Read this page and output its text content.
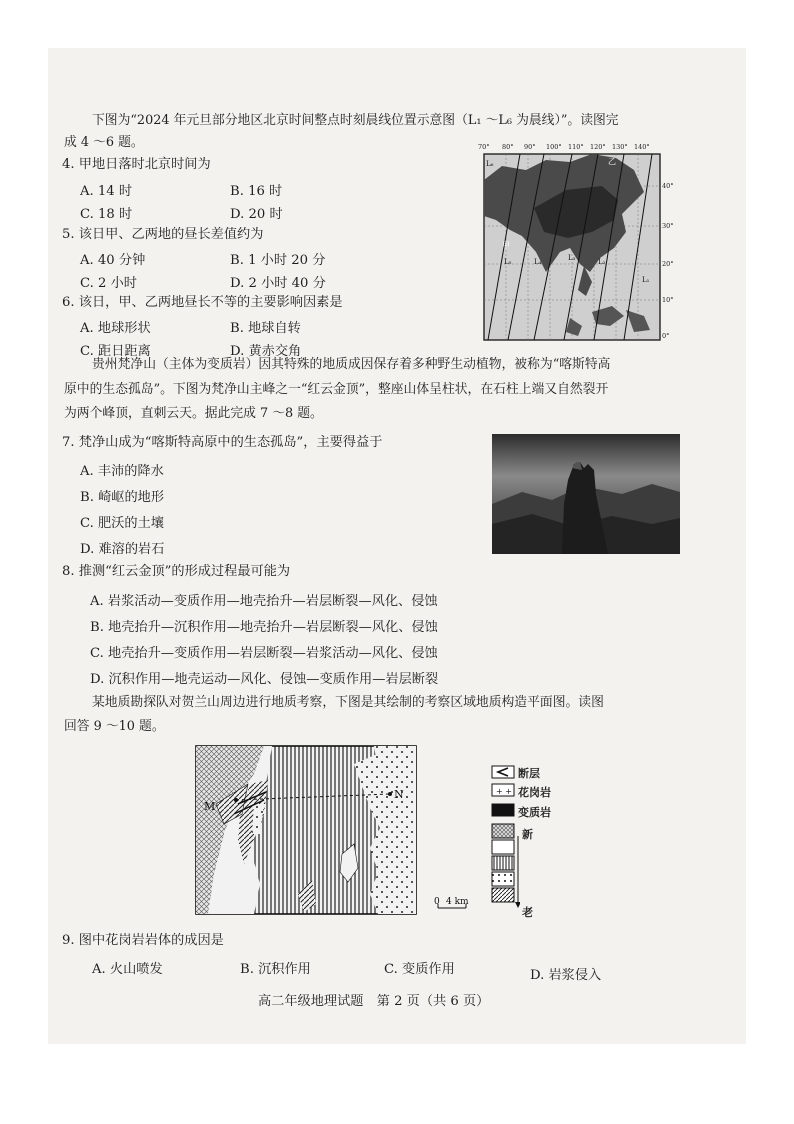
下图为“2024 年元旦部分地区北京时间整点时刻晨线位置示意图（L₁ ～L₆ 为晨线）”。读图完
成 4 ～6 题。
4. 甲地日落时北京时间为
A. 14 时	B. 16 时
C. 18 时	D. 20 时
5. 该日甲、乙两地的昼长差值约为
A. 40 分钟	B. 1 小时 20 分
C. 2 小时	D. 2 小时 40 分
6. 该日，甲、乙两地昼长不等的主要影响因素是
A. 地球形状	B. 地球自转
C. 距日距离	D. 黄赤交角
甲
乙
L₆
L₅	L₄	L₃	L₂
L₁
70° 80° 90° 100° 110° 120° 130° 140°
40°
30°
20°
10°
0°
贵州梵净山（主体为变质岩）因其特殊的地质成因保存着多种野生动植物，被称为“喀斯特高
原中的生态孤岛”。下图为梵净山主峰之一“红云金顶”，整座山体呈柱状，在石柱上端又自然裂开
为两个峰顶，直刺云天。据此完成 7 ～8 题。
7. 梵净山成为“喀斯特高原中的生态孤岛”，主要得益于
A. 丰沛的降水
B. 崎岖的地形
C. 肥沃的土壤
D. 难溶的岩石
8. 推测“红云金顶”的形成过程最可能为
A. 岩浆活动—变质作用—地壳抬升—岩层断裂—风化、侵蚀
B. 地壳抬升—沉积作用—地壳抬升—岩层断裂—风化、侵蚀
C. 地壳抬升—变质作用—岩层断裂—岩浆活动—风化、侵蚀
D. 沉积作用—地壳运动—风化、侵蚀—变质作用—岩层断裂
某地质勘探队对贺兰山周边进行地质考察，下图是其绘制的考察区域地质构造平面图。读图
回答 9 ～10 题。
M
N
0 4 km
+ +
断层
花岗岩
变质岩
新
老
9. 图中花岗岩岩体的成因是
A. 火山喷发	B. 沉积作用	C. 变质作用	D. 岩浆侵入
高二年级地理试题　第 2 页（共 6 页）
